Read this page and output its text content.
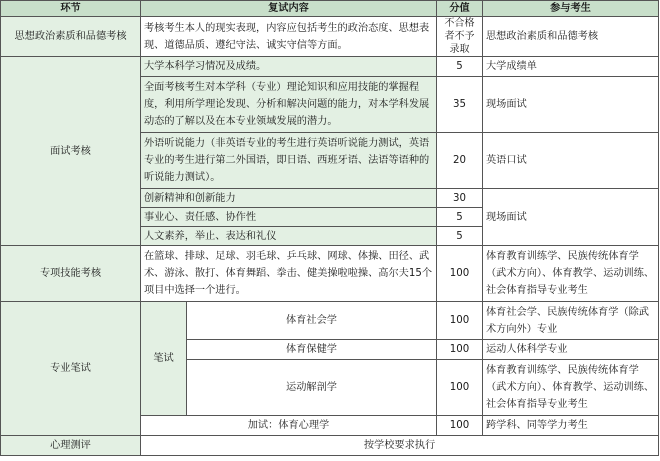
环节	复试内容		分值	参与考生
思想政治素质和品德考核	考核考生本人的现实表现，内容应包括考生的政治态度、思想表现、道德品质、遵纪守法、诚实守信等方面。		不合格者不予录取	思想政治素质和品德考核
面试考核	大学本科学习情况及成绩。		5	大学成绩单
	全面考核考生对本学科（专业）理论知识和应用技能的掌握程度，利用所学理论发现、分析和解决问题的能力，对本学科发展动态的了解以及在本专业领域发展的潜力。		35	现场面试
	外语听说能力（非英语专业的考生进行英语听说能力测试，英语专业的考生进行第二外国语，即日语、西班牙语、法语等语种的听说能力测试）。		20	英语口试
	创新精神和创新能力		30	现场面试
	事业心、责任感、协作性		5	
	人文素养，举止、表达和礼仪		5	
专项技能考核	在篮球、排球、足球、羽毛球、乒乓球、网球、体操、田径、武术、游泳、散打、体育舞蹈、拳击、健美操啦啦操、高尔夫15个项目中选择一个进行。		100	体育教育训练学、民族传统体育学（武术方向）、体育教学、运动训练、社会体育指导专业考生
专业笔试	笔试	体育社会学	100	体育社会学、民族传统体育学（除武术方向外）专业
		体育保健学	100	运动人体科学专业
		运动解剖学	100	体育教育训练学、民族传统体育学（武术方向）、体育教学、运动训练、社会体育指导专业考生
	加试：体育心理学		100	跨学科、同等学力考生
心理测评	按学校要求执行			
